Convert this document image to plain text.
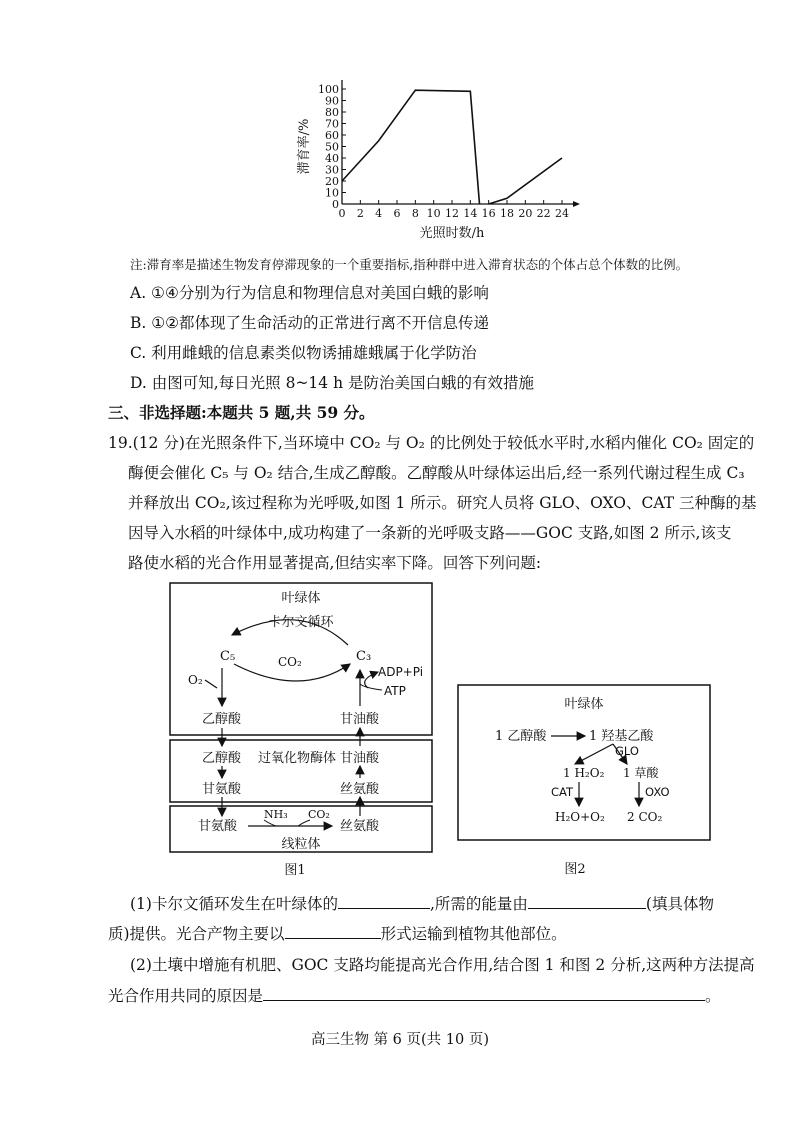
0 2 4 6 8 10 12 14 16 18 20 22 24
0
10
20
30
40
50
60
70
80
90
100
光照时数/h
滞育率/%
注:滞育率是描述生物发育停滞现象的一个重要指标,指种群中进入滞育状态的个体占总个体数的比例。
A. ①④分别为行为信息和物理信息对美国白蛾的影响
B. ①②都体现了生命活动的正常进行离不开信息传递
C. 利用雌蛾的信息素类似物诱捕雄蛾属于化学防治
D. 由图可知,每日光照 8~14 h 是防治美国白蛾的有效措施
三、非选择题:本题共 5 题,共 59 分。
19.(12 分)在光照条件下,当环境中 CO₂ 与 O₂ 的比例处于较低水平时,水稻内催化 CO₂ 固定的
酶便会催化 C₅ 与 O₂ 结合,生成乙醇酸。乙醇酸从叶绿体运出后,经一系列代谢过程生成 C₃
并释放出 CO₂,该过程称为光呼吸,如图 1 所示。研究人员将 GLO、OXO、CAT 三种酶的基
因导入水稻的叶绿体中,成功构建了一条新的光呼吸支路——GOC 支路,如图 2 所示,该支
路使水稻的光合作用显著提高,但结实率下降。回答下列问题:
叶绿体
卡尔文循环
C₅	C₃
CO₂
O₂
ADP+Pi
ATP
乙醇酸	甘油酸
乙醇酸 过氧化物酶体 甘油酸
甘氨酸	丝氨酸
甘氨酸
NH₃ CO₂
丝氨酸
线粒体
图1
叶绿体
1 乙醇酸	1 羟基乙酸
GLO
1 H₂O₂ 1 草酸
CAT	OXO
H₂O+O₂ 2 CO₂
图2
(1)卡尔文循环发生在叶绿体的	,所需的能量由	(填具体物
质)提供。光合产物主要以	形式运输到植物其他部位。
(2)土壤中增施有机肥、GOC 支路均能提高光合作用,结合图 1 和图 2 分析,这两种方法提高
光合作用共同的原因是	。
高三生物 第 6 页(共 10 页)
